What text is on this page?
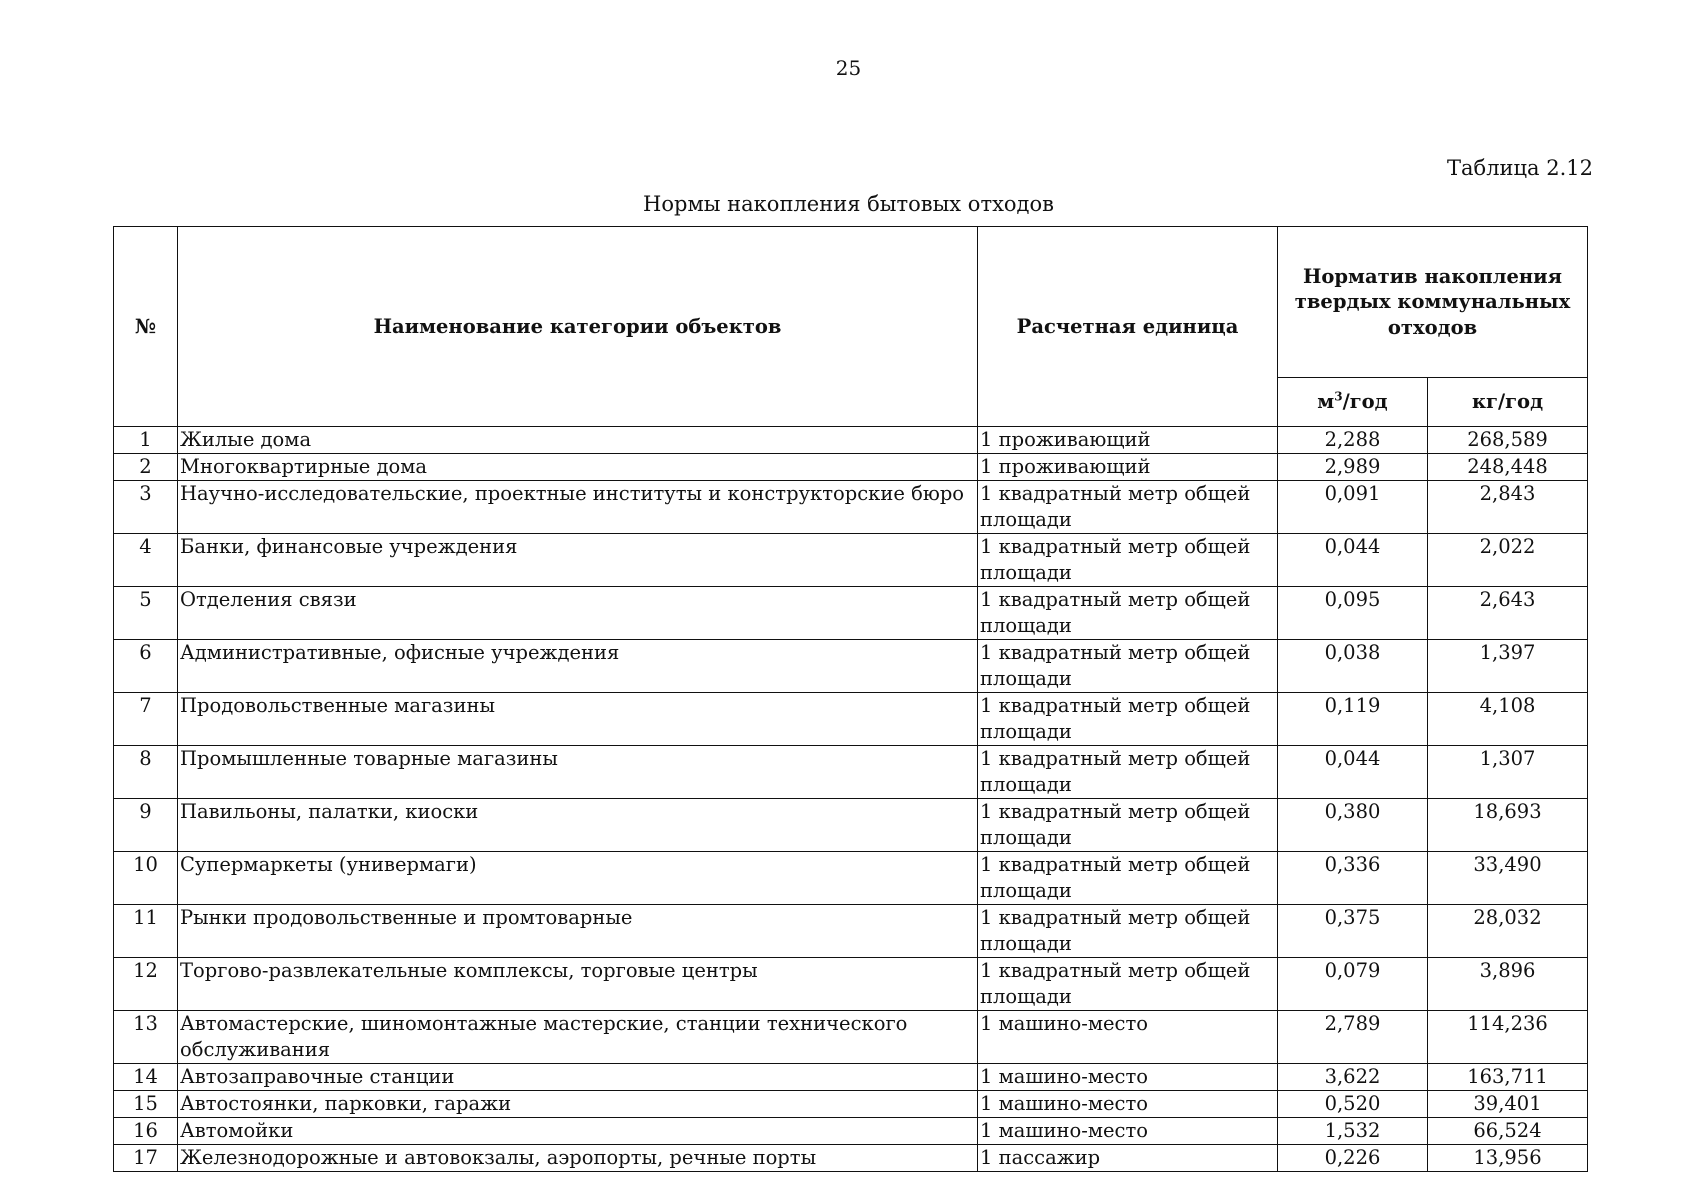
25
Таблица 2.12
Нормы накопления бытовых отходов
№	Наименование категории объектов	Расчетная единица	Норматив накопления твердых коммунальных отходов	
			$м^3$/год	кг/год
1	Жилые дома	1 проживающий	2,288	268,589
2	Многоквартирные дома	1 проживающий	2,989	248,448
3	Научно-исследовательские, проектные институты и конструкторские бюро	1 квадратный метр общей площади	0,091	2,843
4	Банки, финансовые учреждения	1 квадратный метр общей площади	0,044	2,022
5	Отделения связи	1 квадратный метр общей площади	0,095	2,643
6	Административные, офисные учреждения	1 квадратный метр общей площади	0,038	1,397
7	Продовольственные магазины	1 квадратный метр общей площади	0,119	4,108
8	Промышленные товарные магазины	1 квадратный метр общей площади	0,044	1,307
9	Павильоны, палатки, киоски	1 квадратный метр общей площади	0,380	18,693
10	Супермаркеты (универмаги)	1 квадратный метр общей площади	0,336	33,490
11	Рынки продовольственные и промтоварные	1 квадратный метр общей площади	0,375	28,032
12	Торгово-развлекательные комплексы, торговые центры	1 квадратный метр общей площади	0,079	3,896
13	Автомастерские, шиномонтажные мастерские, станции технического обслуживания	1 машино-место	2,789	114,236
14	Автозаправочные станции	1 машино-место	3,622	163,711
15	Автостоянки, парковки, гаражи	1 машино-место	0,520	39,401
16	Автомойки	1 машино-место	1,532	66,524
17	Железнодорожные и автовокзалы, аэропорты, речные порты	1 пассажир	0,226	13,956
